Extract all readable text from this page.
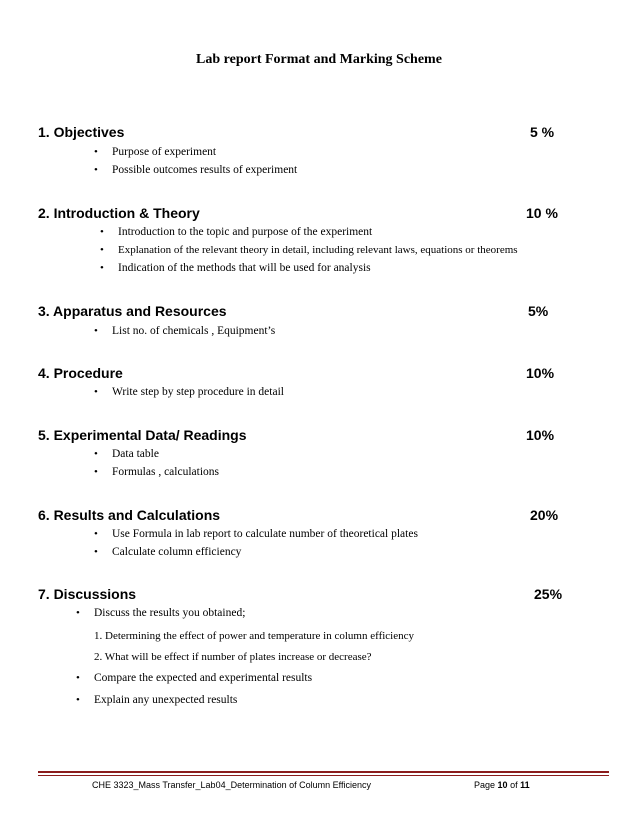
Lab report Format and Marking Scheme
1. Objectives	5 %
• Purpose of experiment
• Possible outcomes results of experiment
2. Introduction & Theory	10 %
• Introduction to the topic and purpose of the experiment
• Explanation of the relevant theory in detail, including relevant laws, equations or theorems
• Indication of the methods that will be used for analysis
3. Apparatus and Resources	5%
• List no. of chemicals , Equipment’s
4. Procedure	10%
• Write step by step procedure in detail
5. Experimental Data/ Readings	10%
• Data table
• Formulas , calculations
6. Results and Calculations	20%
• Use Formula in lab report to calculate number of theoretical plates
• Calculate column efficiency
7. Discussions	25%
• Discuss the results you obtained;
1. Determining the effect of power and temperature in column efficiency
2. What will be effect if number of plates increase or decrease?
• Compare the expected and experimental results
• Explain any unexpected results
CHE 3323_Mass Transfer_Lab04_Determination of Column Efficiency	Page 10 of 11
